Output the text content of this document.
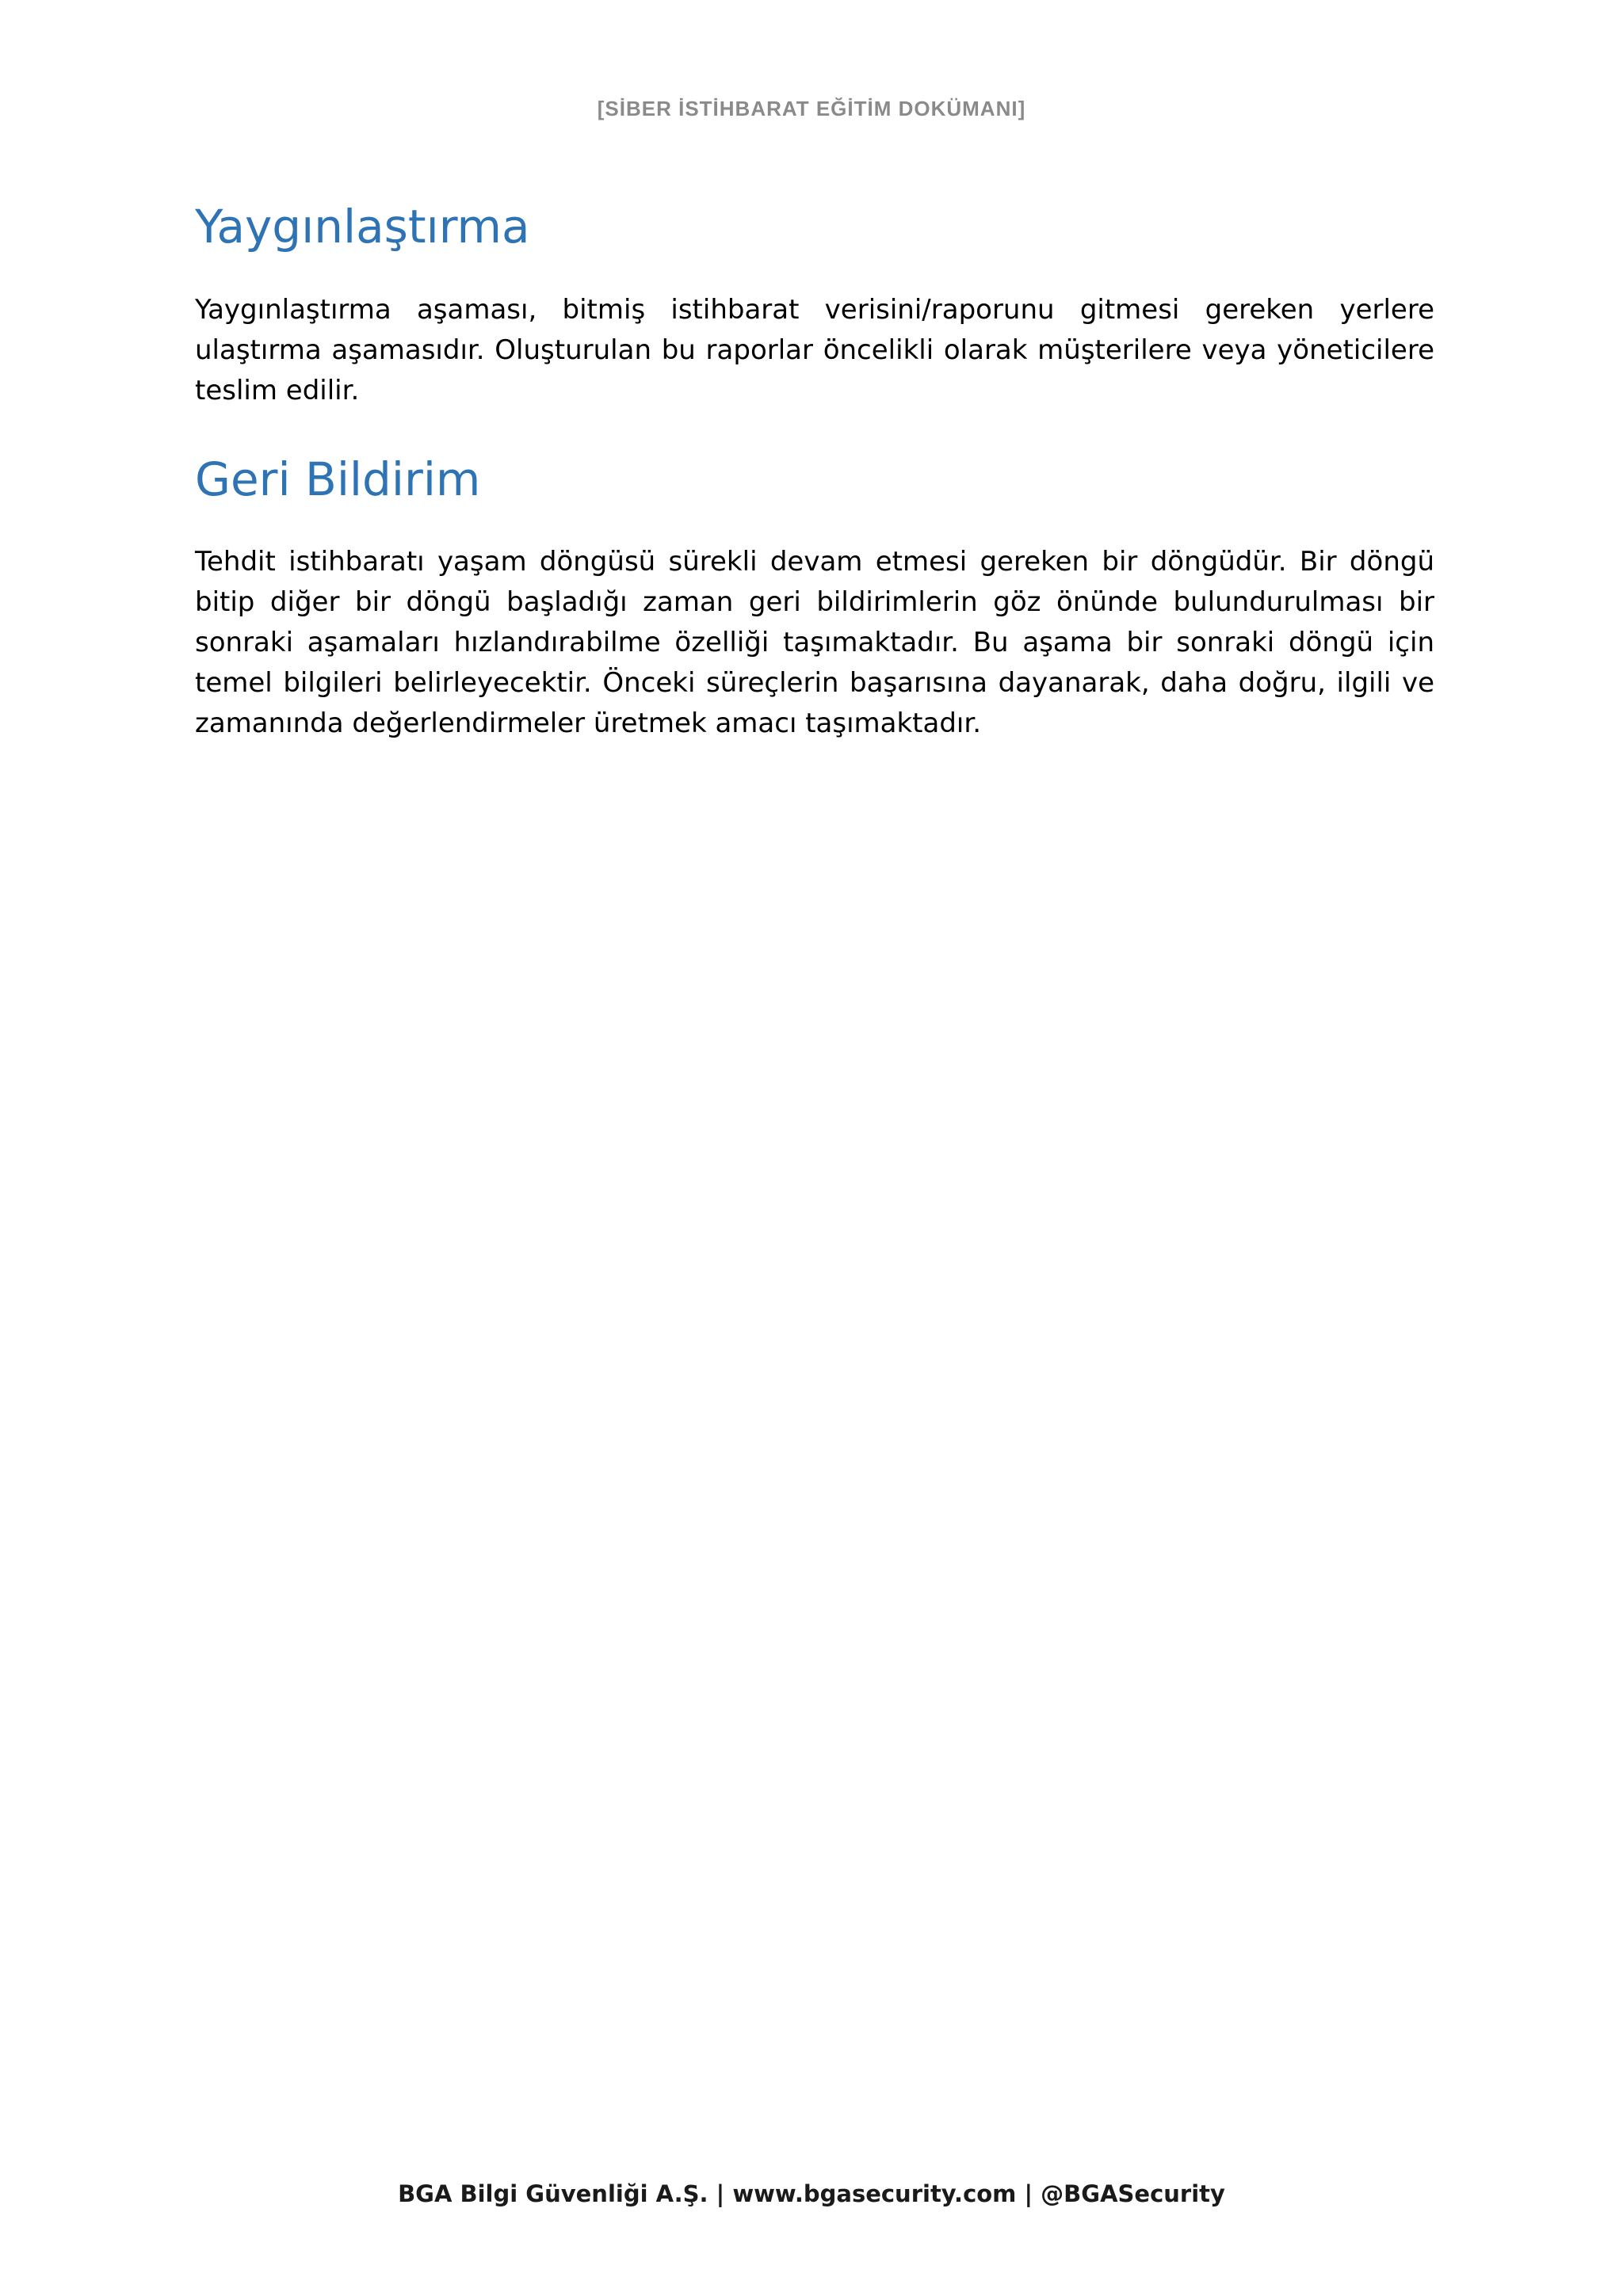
[SİBER İSTİHBARAT EĞİTİM DOKÜMANI]
Yaygınlaştırma

Yaygınlaştırma aşaması, bitmiş istihbarat verisini/raporunu gitmesi gereken yerlere ulaştırma aşamasıdır. Oluşturulan bu raporlar öncelikli olarak müşterilere veya yöneticilere teslim edilir.

Geri Bildirim

Tehdit istihbaratı yaşam döngüsü sürekli devam etmesi gereken bir döngüdür. Bir döngü bitip diğer bir döngü başladığı zaman geri bildirimlerin göz önünde bulundurulması bir sonraki aşamaları hızlandırabilme özelliği taşımaktadır. Bu aşama bir sonraki döngü için temel bilgileri belirleyecektir. Önceki süreçlerin başarısına dayanarak, daha doğru, ilgili ve zamanında değerlendirmeler üretmek amacı taşımaktadır.

BGA Bilgi Güvenliği A.Ş. | www.bgasecurity.com | @BGASecurity
